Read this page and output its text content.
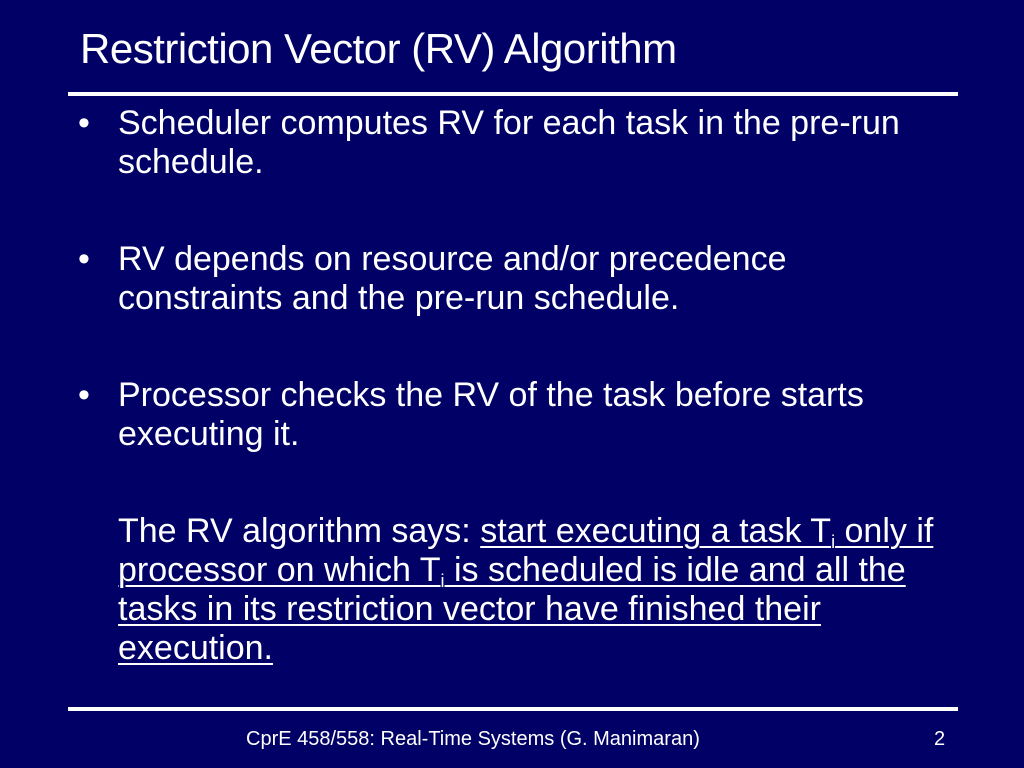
Restriction Vector (RV) Algorithm

• Scheduler computes RV for each task in the pre-run schedule.

• RV depends on resource and/or precedence constraints and the pre-run schedule.

• Processor checks the RV of the task before starts executing it.

The RV algorithm says: start executing a task $T_i$ only if processor on which $T_i$ is scheduled is idle and all the tasks in its restriction vector have finished their execution.
CprE 458/558: Real-Time Systems (G. Manimaran)	2
